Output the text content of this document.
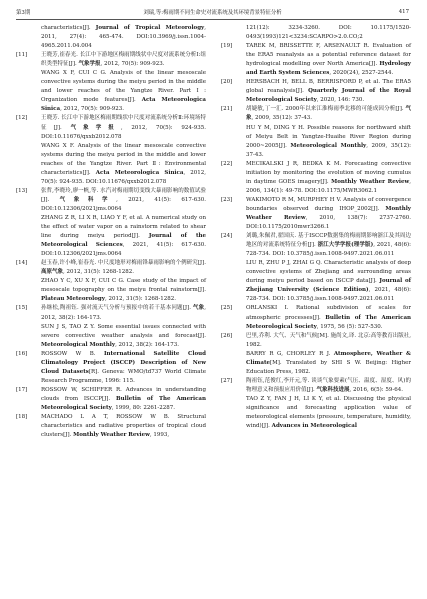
第3期	刘瑞,等:梅雨期不同生命史对流系统及其环境背景特征分析	417
characteristics[J]. Journal of Tropical Meteorology, 2011, 27(4): 465-474. DOI:10.3969/j.issn.1004-4965.2011.04.004
[11]	王晓芳,崔春光. 长江中下游地区梅雨期线状中尺度对流系统分析Ⅰ:组织类型特征[J]. 气象学报, 2012, 70(5): 909-923.
WANG X F, CUI C G. Analysis of the linear mesoscale convective systems during the meiyu period in the middle and lower reaches of the Yangtze River. Part I : Organization mode features[J]. Acta Meteorologica Sinica, 2012, 70(5): 909-923.
[12]	王晓芳. 长江中下游地区梅雨期线状中尺度对流系统分析Ⅱ:环境场特征[J]. 气象学报, 2012, 70(5): 924-935. DOI:10.11676/qxxb2012.078
WANG X F. Analysis of the linear mesoscale convective systems during the meiyu period in the middle and lower reaches of the Yangtze River. Part Ⅱ: Environmental characteristics[J]. Acta Meteorologica Sinica, 2012, 70(5): 924-935. DOI:10.11676/qxxb2012.078
[13]	张哲,李晓玲,廖一帆,等. 水汽对梅雨期切变线大暴雨影响的数值试验[J]. 气象科学, 2021, 41(5): 617-630. DOI:10.12306/2021jms.0064
ZHANG Z R, LI X R, LIAO Y F, et al. A numerical study on the effect of water vapor on a rainstorm related to shear line during meiyu period[J]. Journal of the Meteorological Sciences, 2021, 41(5): 617-630. DOI:10.12306/2021jms.0064
[14]	赵玉春,许小峰,崔春光. 中尺度地形对梅雨锋暴雨影响的个例研究[J]. 高原气象, 2012, 31(5): 1268-1282.
ZHAO Y C, XU X F, CUI C G. Case study of the impact of mesoscale topography on the meiyu frontal rainstorm[J]. Plateau Meteorology, 2012, 31(5): 1268-1282.
[15]	孙继松,陶祖钰. 强对流天气分析与预报中的若干基本问题[J]. 气象, 2012, 38(2): 164-173.
SUN J S, TAO Z Y. Some essential issues connected with severe convective weather analysis and forecast[J]. Meteorological Monthly, 2012, 38(2): 164-173.
[16]	ROSSOW W B. International Satellite Cloud Climatology Project (ISCCP) Description of New Cloud Datasets[R]. Geneva: WMO/td737 World Climate Research Programme, 1996: 115.
[17]	ROSSOW W, SCHIFFER R. Advances in understanding clouds from ISCCP[J]. Bulletin of The American Meteorological Society, 1999, 80: 2261-2287.
[18]	MACHADO L A T, ROSSOW W B. Structural characteristics and radiative properties of tropical cloud clusters[J]. Monthly Weather Review, 1993,
121(12): 3234-3260. DOI: 10.1175/1520-0493(1993)121<3234:SCARPO>2.0.CO;2
[19]	TAREK M, BRISSETTE F, ARSENAULT R. Evaluation of the ERA5 reanalysis as a potential reference dataset for hydrological modelling over North America[J]. Hydrology and Earth System Sciences, 2020(24), 2527-2544.
[20]	HERSBACH H, BELL B, BERRISFORD P, et al. The ERA5 global reanalysis[J]. Quarterly Journal of the Royal Meteorological Society, 2020, 146: 730.
[21]	胡婕敏,丁一汇. 2000年以来江淮梅雨季北移的可能成因分析[J]. 气象, 2009, 35(12): 37-43.
HU Y M, DING Y H. Possible reasons for northward shift of Meiyu Belt in Yangtze-Huaihe River Region during 2000~2005[J]. Meteorological Monthly, 2009, 35(12): 37-43.
[22]	MECIKALSKI J R, BEDKA K M. Forecasting convective initiation by monitoring the evolution of moving cumulus in daytime GOES imagery[J]. Monthly Weather Review, 2006, 134(1): 49-78. DOI:10.1175/MWR3062.1
[23]	WAKIMOTO R M, MURPHEY H V. Analysis of convergence boundaries observed during IHOP_2002[J]. Monthly Weather Review, 2010, 138(7): 2737-2760. DOI:10.1175/2010mwr3266.1
[24]	刘璐,朱佩君,翟国庆. 基于ISCCP数据集的梅雨期影响浙江及其周边地区的对流系统特征分析[J]. 浙江大学学报(理学版), 2021, 48(6): 728-734. DOI: 10.3785/j.issn.1008-9497.2021.06.011
LIU R, ZHU P J, ZHAI G Q. Characteristic analysis of deep convective systems of Zhejiang and surrounding areas during meiyu period based on ISCCP data[J]. Journal of Zhejiang University (Science Edition), 2021, 48(6): 728-734. DOI: 10.3785/j.issn.1008-9497.2021.06.011
[25]	ORLANSKI I. Rational subdivision of scales for atmospheric processes[J]. Bulletin of The American Meteorological Society, 1975, 56 (5): 527-530.
[26]	巴里,乔利. 大气、天气和气候[M]. 施尚文,译. 北京:高等教育出版社, 1982.
BARRY R G, CHORLEY R J. Atmosphere, Weather & Climate[M]. Translated by SHI S W. Beijing: Higher Education Press, 1982.
[27]	陶祖钰,范俊红,李开元,等. 谈谈气象要素(气压、温度、湿度、风)的物理意义和预报应用价值[J]. 气象科技进展, 2016, 6(5): 59-64.
TAO Z Y, FAN J H, LI K Y, et al. Discussing the physical significance and forecasting application value of meteorological elements (pressure, temperature, humidity, wind)[J]. Advances in Meteorological
